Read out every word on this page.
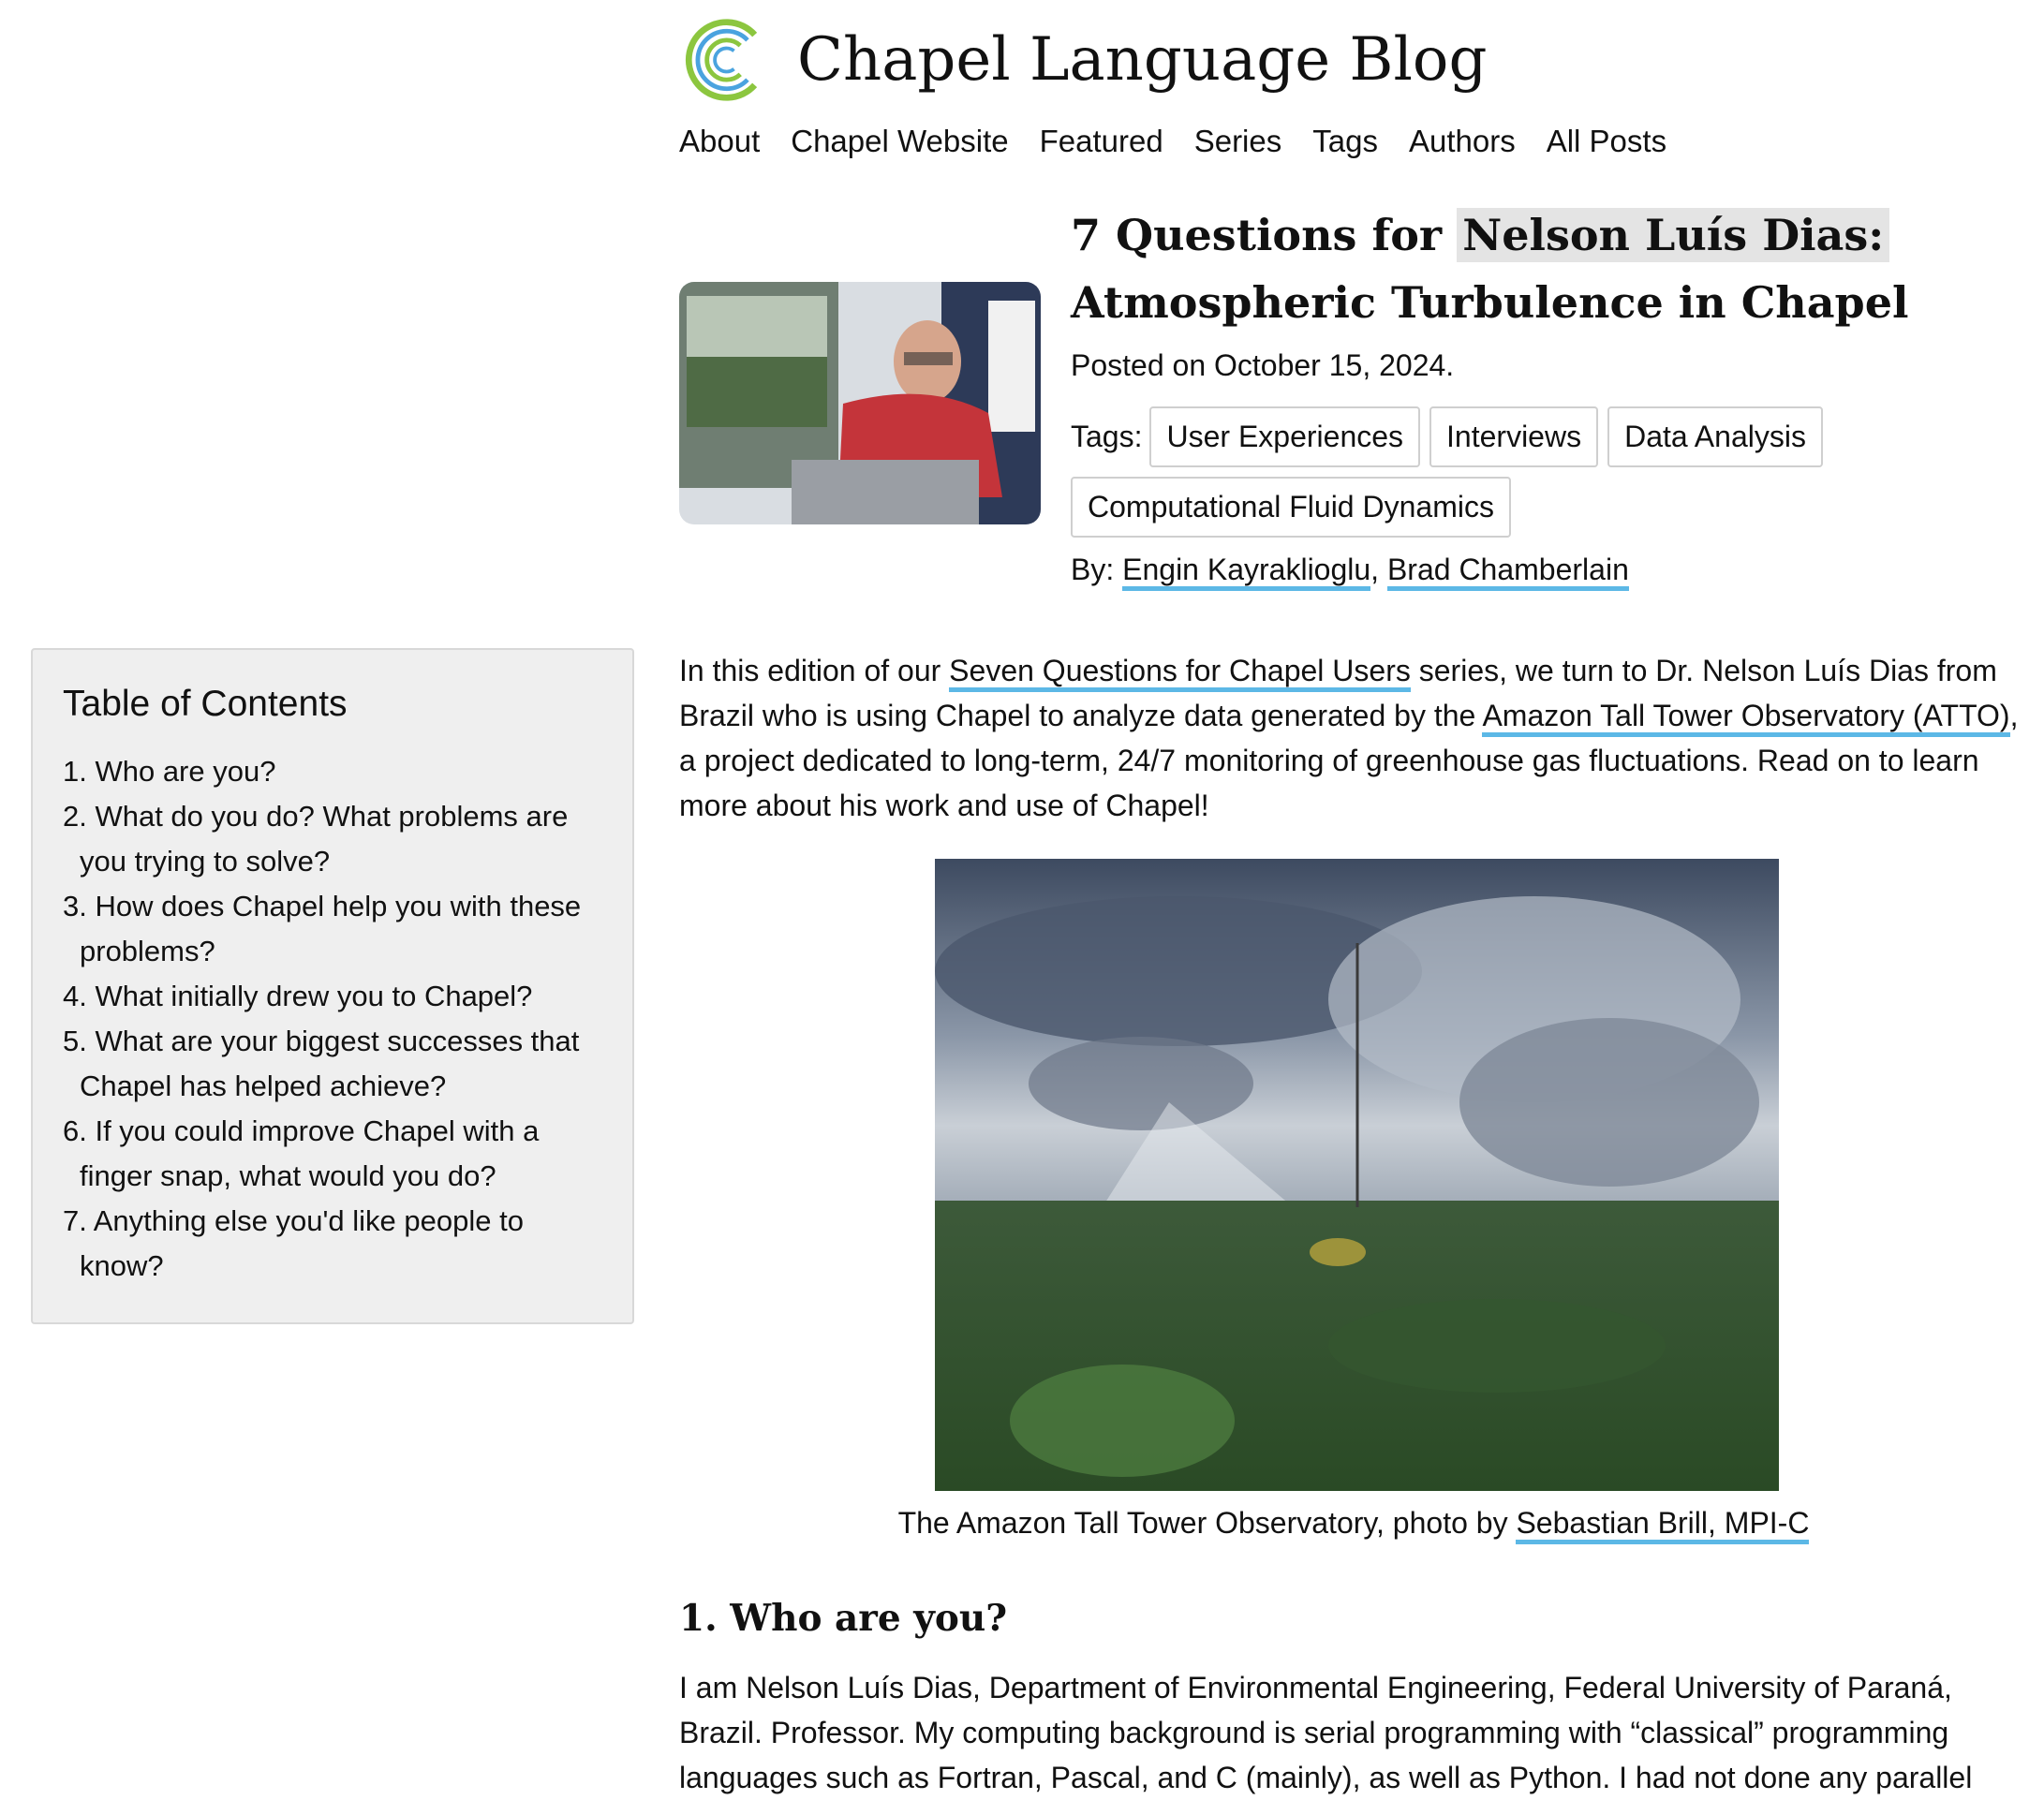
Chapel Language Blog
About Chapel Website Featured Series Tags Authors All Posts
7 Questions for Nelson Luís Dias:
Atmospheric Turbulence in Chapel
Posted on October 15, 2024.
Tags: User Experiences	Interviews	Data Analysis
Computational Fluid Dynamics
By: Engin Kayraklioglu, Brad Chamberlain
Table of Contents
1. Who are you?
2. What do you do? What problems are you trying to solve?
3. How does Chapel help you with these problems?
4. What initially drew you to Chapel?
5. What are your biggest successes that Chapel has helped achieve?
6. If you could improve Chapel with a finger snap, what would you do?
7. Anything else you'd like people to know?

In this edition of our Seven Questions for Chapel Users series, we turn to Dr. Nelson Luís Dias from Brazil who is using Chapel to analyze data generated by the Amazon Tall Tower Observatory (ATTO), a project dedicated to long-term, 24/7 monitoring of greenhouse gas fluctuations. Read on to learn more about his work and use of Chapel!

The Amazon Tall Tower Observatory, photo by Sebastian Brill, MPI-C
1. Who are you?

I am Nelson Luís Dias, Department of Environmental Engineering, Federal University of Paraná, Brazil. Professor. My computing background is serial programming with “classical” programming languages such as Fortran, Pascal, and C (mainly), as well as Python. I had not done any parallel
